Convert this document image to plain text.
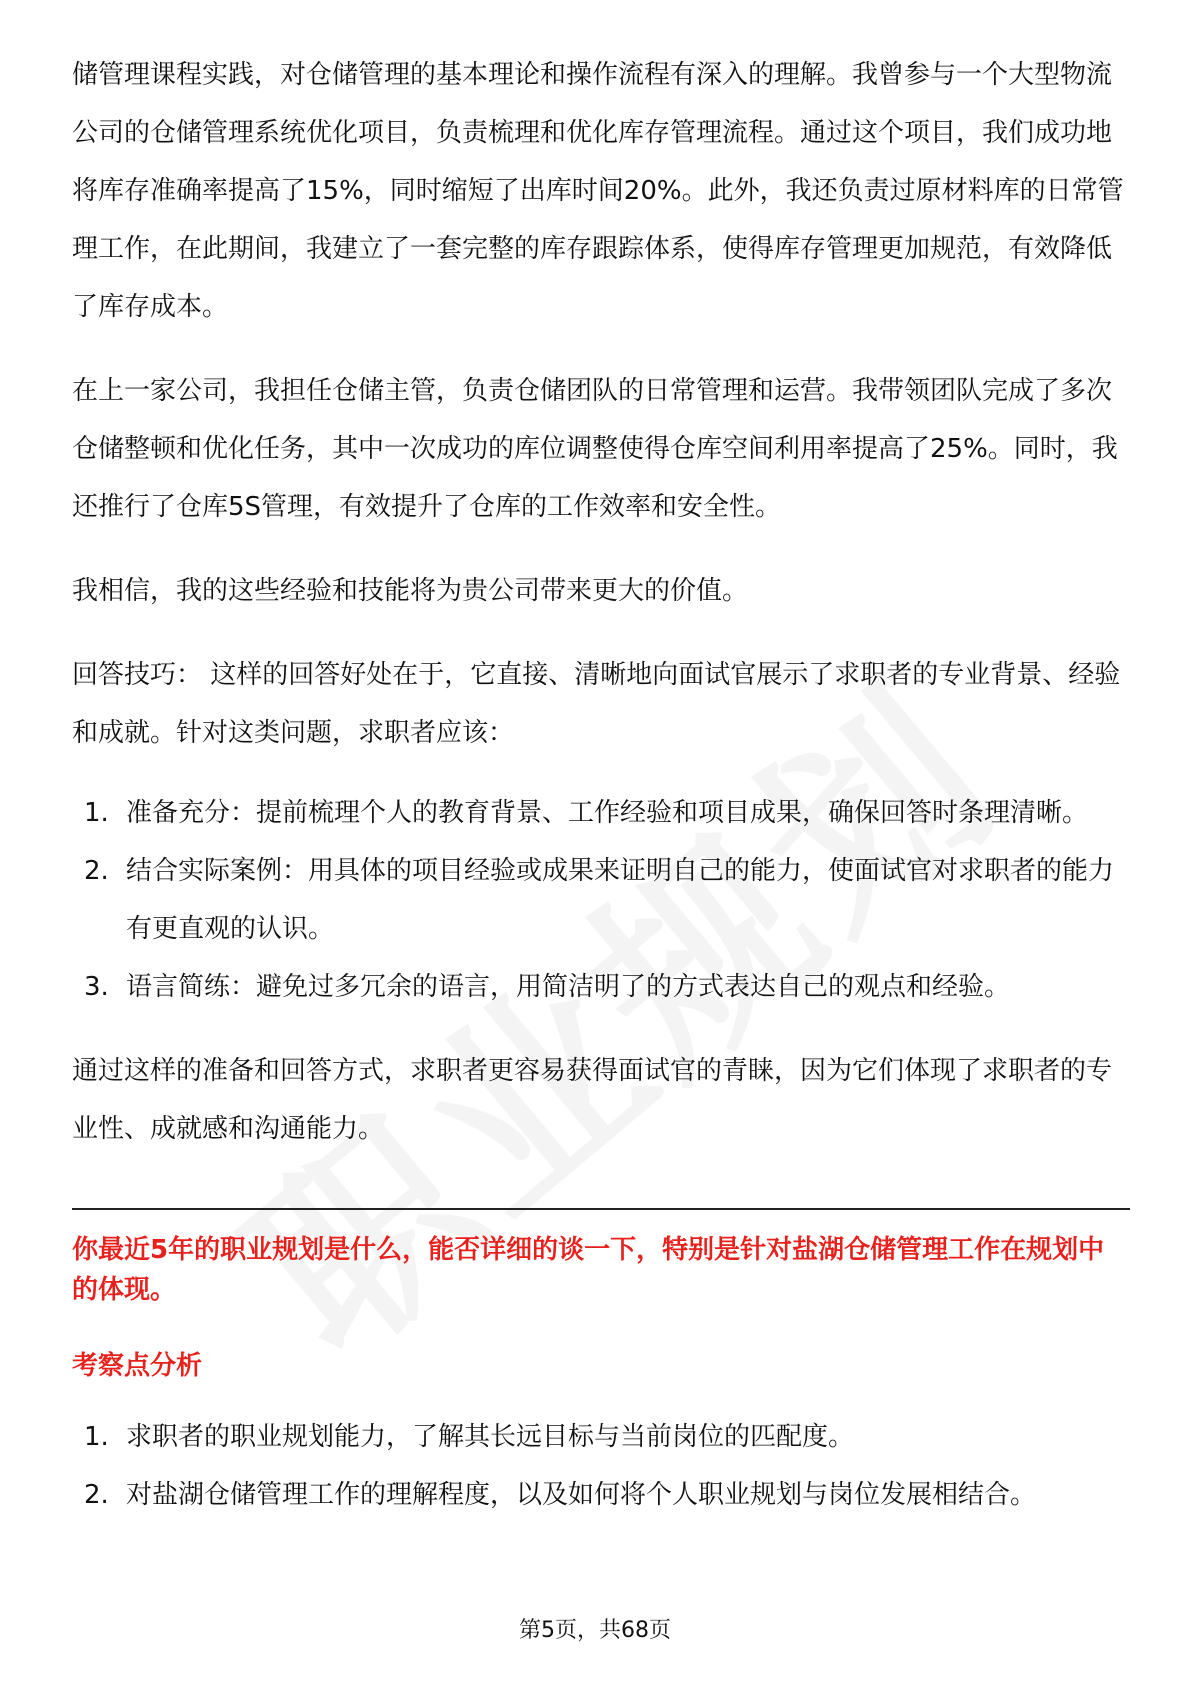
储管理课程实践，对仓储管理的基本理论和操作流程有深入的理解。我曾参与一个大型物流公司的仓储管理系统优化项目，负责梳理和优化库存管理流程。通过这个项目，我们成功地将库存准确率提高了15%，同时缩短了出库时间20%。此外，我还负责过原材料库的日常管理工作，在此期间，我建立了一套完整的库存跟踪体系，使得库存管理更加规范，有效降低了库存成本。

在上一家公司，我担任仓储主管，负责仓储团队的日常管理和运营。我带领团队完成了多次仓储整顿和优化任务，其中一次成功的库位调整使得仓库空间利用率提高了25%。同时，我还推行了仓库5S管理，有效提升了仓库的工作效率和安全性。

我相信，我的这些经验和技能将为贵公司带来更大的价值。

回答技巧： 这样的回答好处在于，它直接、清晰地向面试官展示了求职者的专业背景、经验和成就。针对这类问题，求职者应该：

1. 准备充分：提前梳理个人的教育背景、工作经验和项目成果，确保回答时条理清晰。
2. 结合实际案例：用具体的项目经验或成果来证明自己的能力，使面试官对求职者的能力有更直观的认识。
3. 语言简练：避免过多冗余的语言，用简洁明了的方式表达自己的观点和经验。

通过这样的准备和回答方式，求职者更容易获得面试官的青睐，因为它们体现了求职者的专业性、成就感和沟通能力。

你最近5年的职业规划是什么，能否详细的谈一下，特别是针对盐湖仓储管理工作在规划中的体现。

考察点分析
1. 求职者的职业规划能力，了解其长远目标与当前岗位的匹配度。
2. 对盐湖仓储管理工作的理解程度，以及如何将个人职业规划与岗位发展相结合。
第5页，共68页
